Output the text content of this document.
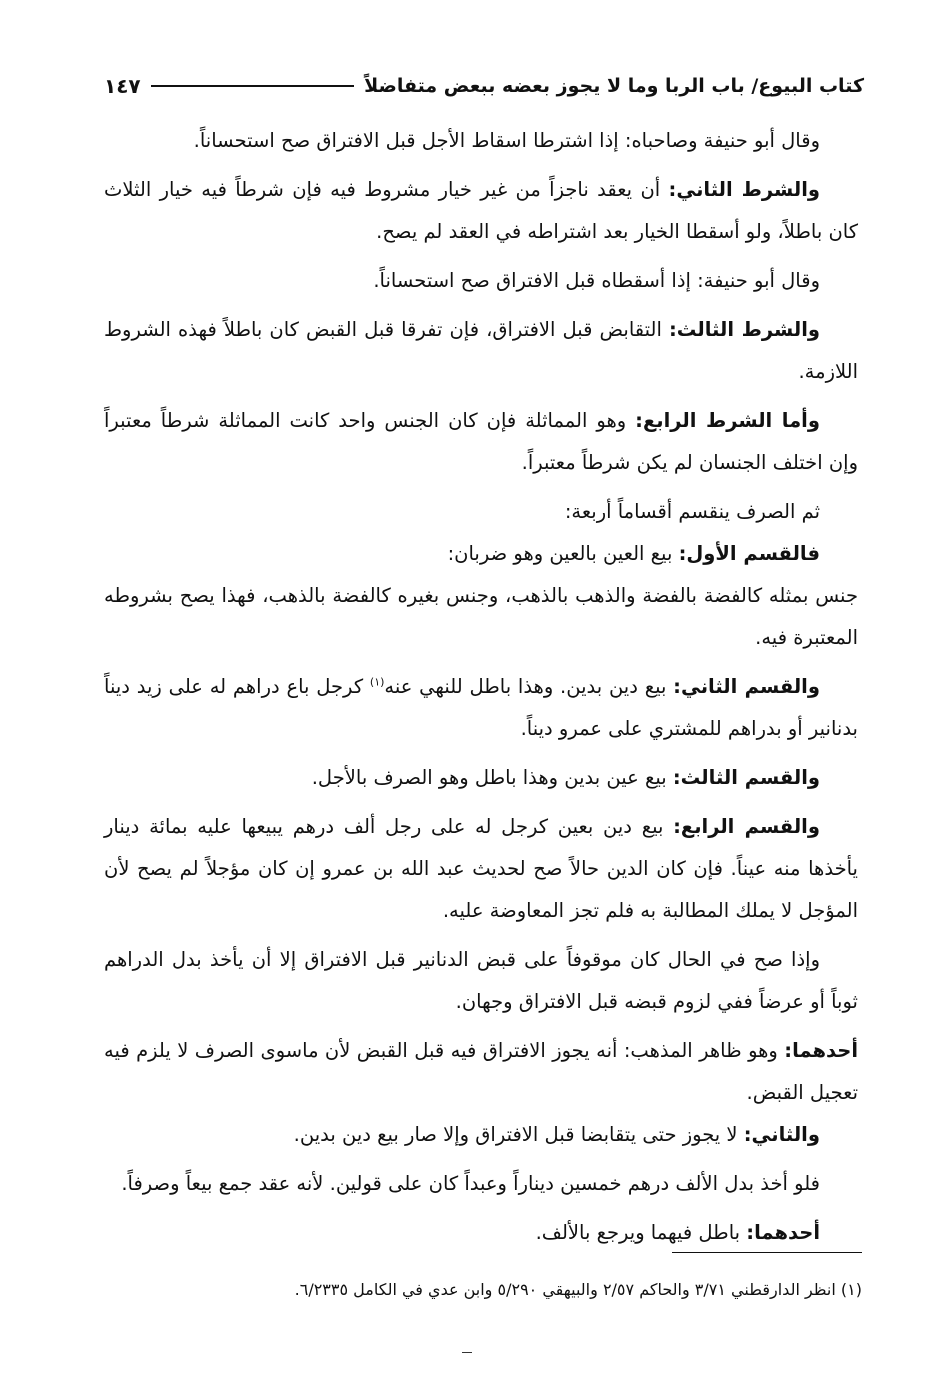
كتاب البيوع/ باب الربا وما لا يجوز بعضه ببعض متفاضلاً
١٤٧

وقال أبو حنيفة وصاحباه: إذا اشترطا اسقاط الأجل قبل الافتراق صح استحساناً.

والشرط الثاني: أن يعقد ناجزاً من غير خيار مشروط فيه فإن شرطاً فيه خيار الثلاث كان باطلاً، ولو أسقطا الخيار بعد اشتراطه في العقد لم يصح.

وقال أبو حنيفة: إذا أسقطاه قبل الافتراق صح استحساناً.

والشرط الثالث: التقابض قبل الافتراق، فإن تفرقا قبل القبض كان باطلاً فهذه الشروط اللازمة.

وأما الشرط الرابع: وهو المماثلة فإن كان الجنس واحد كانت المماثلة شرطاً معتبراً وإن اختلف الجنسان لم يكن شرطاً معتبراً.

ثم الصرف ينقسم أقساماً أربعة:

فالقسم الأول: بيع العين بالعين وهو ضربان:

جنس بمثله كالفضة بالفضة والذهب بالذهب، وجنس بغيره كالفضة بالذهب، فهذا يصح بشروطه المعتبرة فيه.

والقسم الثاني: بيع دين بدين. وهذا باطل للنهي عنه$^{(١)}$ كرجل باع دراهم له على زيد ديناً بدنانير أو بدراهم للمشتري على عمرو ديناً.

والقسم الثالث: بيع عين بدين وهذا باطل وهو الصرف بالأجل.

والقسم الرابع: بيع دين بعين كرجل له على رجل ألف درهم يبيعها عليه بمائة دينار يأخذها منه عيناً. فإن كان الدين حالاً صح لحديث عبد الله بن عمرو إن كان مؤجلاً لم يصح لأن المؤجل لا يملك المطالبة به فلم تجز المعاوضة عليه.

وإذا صح في الحال كان موقوفاً على قبض الدنانير قبل الافتراق إلا أن يأخذ بدل الدراهم ثوباً أو عرضاً ففي لزوم قبضه قبل الافتراق وجهان.

أحدهما: وهو ظاهر المذهب: أنه يجوز الافتراق فيه قبل القبض لأن ماسوى الصرف لا يلزم فيه تعجيل القبض.

والثاني: لا يجوز حتى يتقابضا قبل الافتراق وإلا صار بيع دين بدين.

فلو أخذ بدل الألف درهم خمسين ديناراً وعبداً كان على قولين. لأنه عقد جمع بيعاً وصرفاً.

أحدهما: باطل فيهما ويرجع بالألف.

(١) انظر الدارقطني ٣/٧١ والحاكم ٢/٥٧ والبيهقي ٥/٢٩٠ وابن عدي في الكامل ٦/٢٣٣٥.
